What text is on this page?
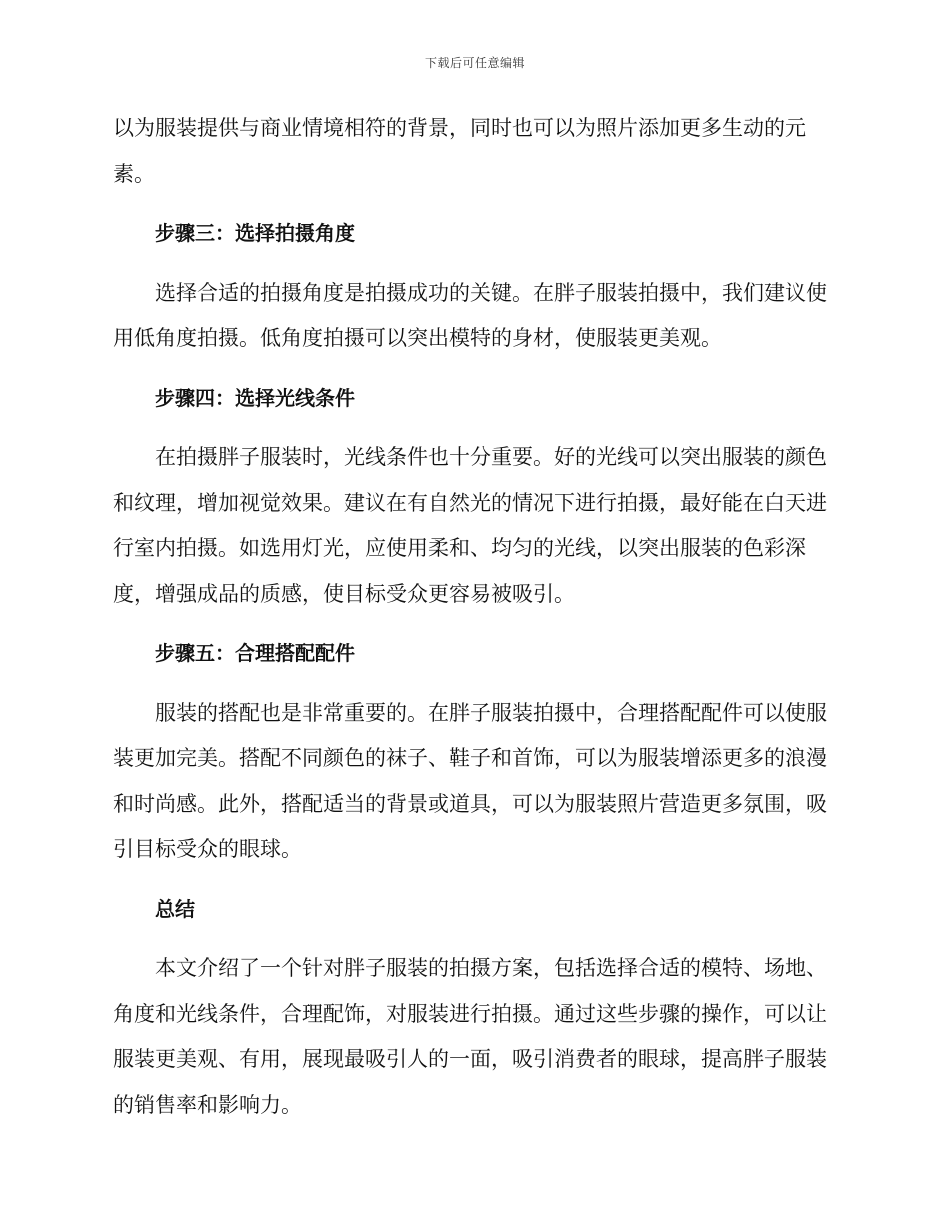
下载后可任意编辑

以为服装提供与商业情境相符的背景，同时也可以为照片添加更多生动的元素。

步骤三：选择拍摄角度

选择合适的拍摄角度是拍摄成功的关键。在胖子服装拍摄中，我们建议使用低角度拍摄。低角度拍摄可以突出模特的身材，使服装更美观。

步骤四：选择光线条件

在拍摄胖子服装时，光线条件也十分重要。好的光线可以突出服装的颜色和纹理，增加视觉效果。建议在有自然光的情况下进行拍摄，最好能在白天进行室内拍摄。如选用灯光，应使用柔和、均匀的光线，以突出服装的色彩深度，增强成品的质感，使目标受众更容易被吸引。

步骤五：合理搭配配件

服装的搭配也是非常重要的。在胖子服装拍摄中，合理搭配配件可以使服装更加完美。搭配不同颜色的袜子、鞋子和首饰，可以为服装增添更多的浪漫和时尚感。此外，搭配适当的背景或道具，可以为服装照片营造更多氛围，吸引目标受众的眼球。

总结

本文介绍了一个针对胖子服装的拍摄方案，包括选择合适的模特、场地、角度和光线条件，合理配饰，对服装进行拍摄。通过这些步骤的操作，可以让服装更美观、有用，展现最吸引人的一面，吸引消费者的眼球，提高胖子服装的销售率和影响力。
